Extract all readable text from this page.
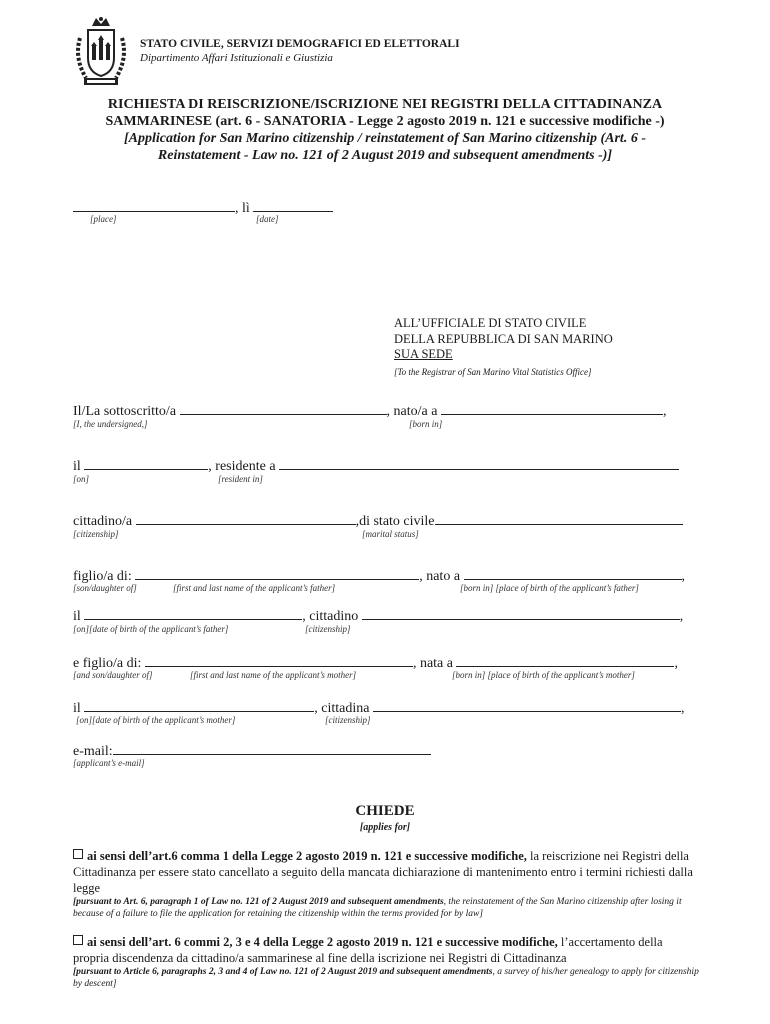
STATO CIVILE, SERVIZI DEMOGRAFICI ED ELETTORALI
Dipartimento Affari Istituzionali e Giustizia
RICHIESTA DI REISCRIZIONE/ISCRIZIONE NEI REGISTRI DELLA CITTADINANZA
SAMMARINESE (art. 6 - SANATORIA - Legge 2 agosto 2019 n. 121 e successive modifiche -)
[Application for San Marino citizenship / reinstatement of San Marino citizenship (Art. 6 -
Reinstatement - Law no. 121 of 2 August 2019 and subsequent amendments -)]
, lì
[place]	[date]
ALL’UFFICIALE DI STATO CIVILE
DELLA REPUBBLICA DI SAN MARINO
SUA SEDE
[To the Registrar of San Marino Vital Statistics Office]
Il/La sottoscritto/a	, nato/a a	,
[I, the undersigned,]	[born in]
il	, residente a
[on]	[resident in]
cittadino/a	,di stato civile
[citizenship]	[marital status]
figlio/a di:	, nato a	,
[son/daughter of]	[first and last name of the applicant’s father]	[born in] [place of birth of the applicant’s father]
il	, cittadino	,
[on][date of birth of the applicant’s father]	[citizenship]
e figlio/a di:	, nata a	,
[and son/daughter of]	[first and last name of the applicant’s mother]	[born in] [place of birth of the applicant’s mother]
il	, cittadina	,
[on][date of birth of the applicant’s mother]	[citizenship]
e-mail:
[applicant’s e-mail]
CHIEDE
[applies for]
ai sensi dell’art.6 comma 1 della Legge 2 agosto 2019 n. 121 e successive modifiche, la reiscrizione nei Registri della Cittadinanza per essere stato cancellato a seguito della mancata dichiarazione di mantenimento entro i termini richiesti dalla legge
[pursuant to Art. 6, paragraph 1 of Law no. 121 of 2 August 2019 and subsequent amendments, the reinstatement of the San Marino citizenship after losing it because of a failure to file the application for retaining the citizenship within the terms provided for by law]
ai sensi dell’art. 6 commi 2, 3 e 4 della Legge 2 agosto 2019 n. 121 e successive modifiche, l’accertamento della propria discendenza da cittadino/a sammarinese al fine della iscrizione nei Registri di Cittadinanza
[pursuant to Article 6, paragraphs 2, 3 and 4 of Law no. 121 of 2 August 2019 and subsequent amendments, a survey of his/her genealogy to apply for citizenship by descent]
